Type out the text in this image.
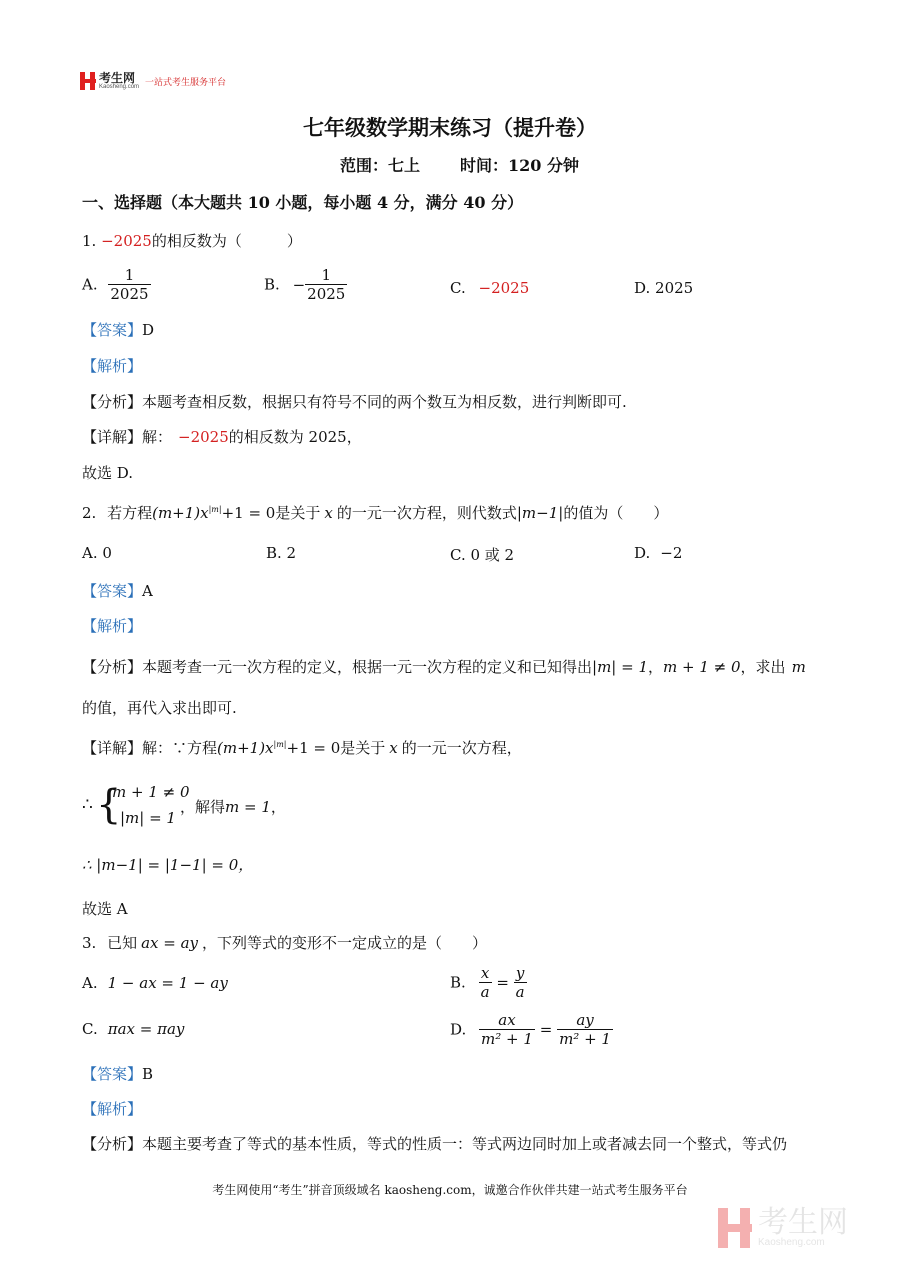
考生网
Kaosheng.com
一站式考生服务平台
七年级数学期末练习（提升卷）
范围：七上 时间：120 分钟
一、选择题（本大题共 10 小题，每小题 4 分，满分 40 分）
1. −2025的相反数为（　　　）
A. $\frac{1}{2025}$	B. − $\frac{1}{2025}$	C. −2025	D. 2025
【答案】D
【解析】
【分析】本题考查相反数，根据只有符号不同的两个数互为相反数，进行判断即可.
【详解】解： −2025的相反数为 2025，
故选 D.
2. 若方程$(m+1)x^{|m|}+1 = 0$是关于 x 的一元一次方程，则代数式|m−1|的值为（　　）
A. 0	B. 2	C. 0 或 2	D. −2
【答案】A
【解析】
【分析】本题考查一元一次方程的定义，根据一元一次方程的定义和已知得出|m| = 1，m + 1 ≠ 0，求出 m
的值，再代入求出即可.
【详解】解：∵方程$(m+1)x^{|m|}+1 = 0$是关于 x 的一元一次方程，
∴ {
m + 1 ≠ 0
|m| = 1
，解得m = 1，
∴ |m−1| = |1−1| = 0，
故选 A
3. 已知 ax = ay ，下列等式的变形不一定成立的是（　　）
A. 1 − ax = 1 − ay	B. $\frac{x}{a} = \frac{y}{a}$
C. πax = πay	D. $\frac{ax}{\text{m² + 1}} = \frac{ay}{\text{m² + 1}}$
【答案】B
【解析】
【分析】本题主要考查了等式的基本性质，等式的性质一：等式两边同时加上或者减去同一个整式，等式仍
考生网使用“考生”拼音顶级域名 kaosheng.com，诚邀合作伙伴共建一站式考生服务平台
考生网
Kaosheng.com
